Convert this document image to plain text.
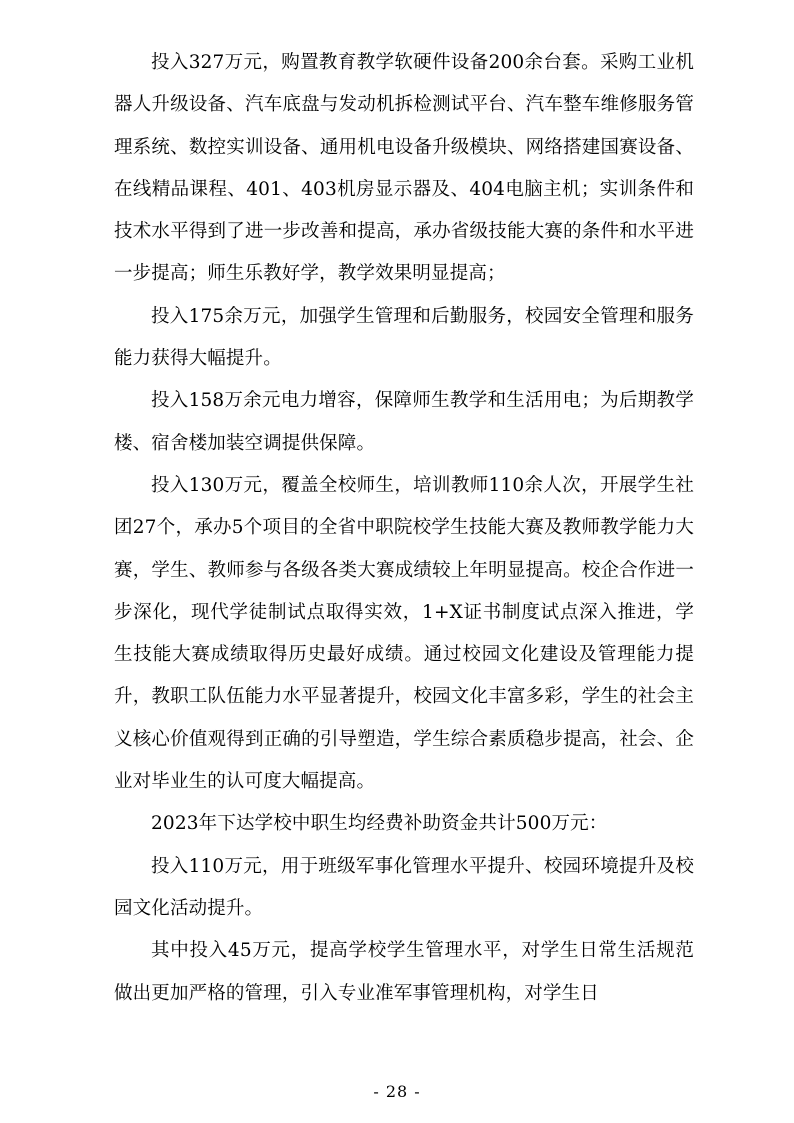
投入327万元，购置教育教学软硬件设备200余台套。采购工业机器人升级设备、汽车底盘与发动机拆检测试平台、汽车整车维修服务管理系统、数控实训设备、通用机电设备升级模块、网络搭建国赛设备、在线精品课程、401、403机房显示器及、404电脑主机；实训条件和技术水平得到了进一步改善和提高，承办省级技能大赛的条件和水平进一步提高；师生乐教好学，教学效果明显提高；

投入175余万元，加强学生管理和后勤服务，校园安全管理和服务能力获得大幅提升。

投入158万余元电力增容，保障师生教学和生活用电；为后期教学楼、宿舍楼加装空调提供保障。

投入130万元，覆盖全校师生，培训教师110余人次，开展学生社团27个，承办5个项目的全省中职院校学生技能大赛及教师教学能力大赛，学生、教师参与各级各类大赛成绩较上年明显提高。校企合作进一步深化，现代学徒制试点取得实效，1+X证书制度试点深入推进，学生技能大赛成绩取得历史最好成绩。通过校园文化建设及管理能力提升，教职工队伍能力水平显著提升，校园文化丰富多彩，学生的社会主义核心价值观得到正确的引导塑造，学生综合素质稳步提高，社会、企业对毕业生的认可度大幅提高。

2023年下达学校中职生均经费补助资金共计500万元：

投入110万元，用于班级军事化管理水平提升、校园环境提升及校园文化活动提升。

其中投入45万元，提高学校学生管理水平，对学生日常生活规范做出更加严格的管理，引入专业准军事管理机构，对学生日

- 28 -
